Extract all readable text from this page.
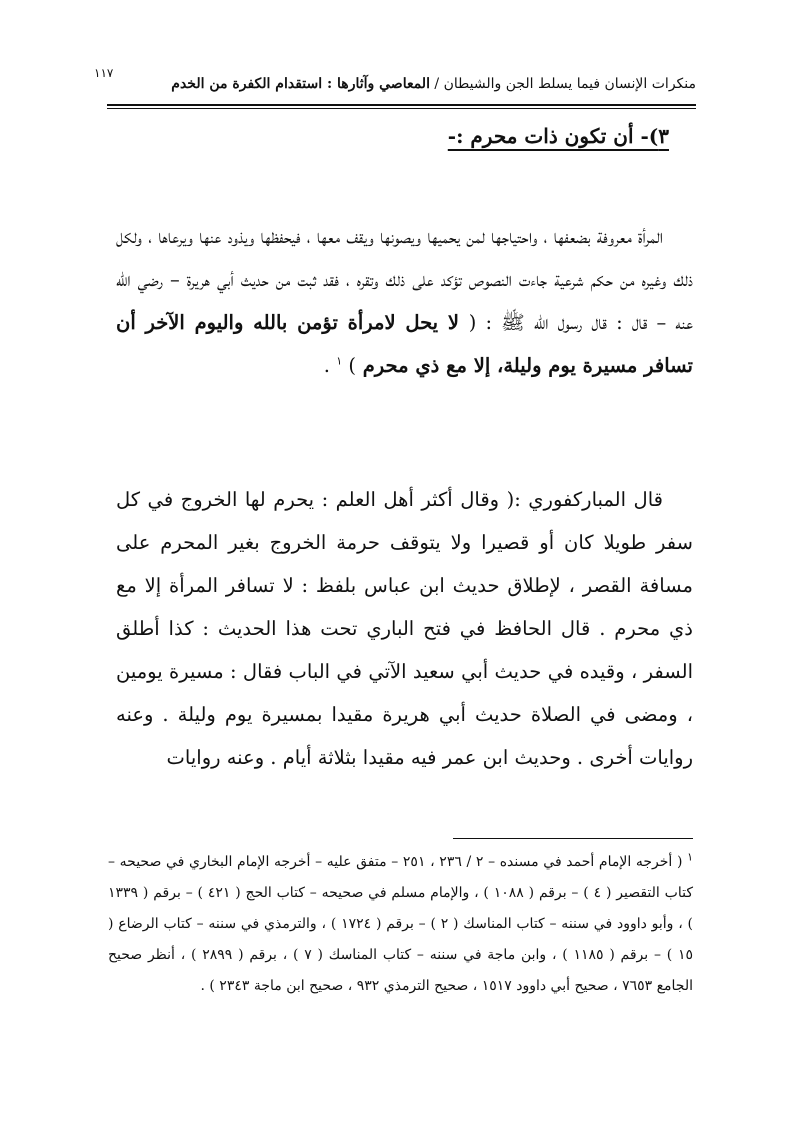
١١٧
منكرات الإنسان فيما يسلط الجن والشيطان / المعاصي وآثارها : استقدام الكفرة من الخدم
٣)- أن تكون ذات محرم :-
المرأة معروفة بضعفها ، واحتياجها لمن يحميها ويصونها ويقف معها ، فيحفظها ويذود عنها ويرعاها ، ولكل ذلك وغيره من حكم شرعية جاءت النصوص تؤكد على ذلك وتقره ، فقد ثبت من حديث أبي هريرة – رضي الله عنه – قال : قال رسول الله ﷺ : ( لا يحل لامرأة تؤمن بالله واليوم الآخر أن تسافر مسيرة يوم وليلة، إلا مع ذي محرم ) $^١$ .
قال المباركفوري :( وقال أكثر أهل العلم : يحرم لها الخروج في كل سفر طويلا كان أو قصيرا ولا يتوقف حرمة الخروج بغير المحرم على مسافة القصر ، لإطلاق حديث ابن عباس بلفظ : لا تسافر المرأة إلا مع ذي محرم . قال الحافظ في فتح الباري تحت هذا الحديث : كذا أطلق السفر ، وقيده في حديث أبي سعيد الآتي في الباب فقال : مسيرة يومين ، ومضى في الصلاة حديث أبي هريرة مقيدا بمسيرة يوم وليلة . وعنه روايات أخرى . وحديث ابن عمر فيه مقيدا بثلاثة أيام . وعنه روايات
$^١$ ( أخرجه الإمام أحمد في مسنده – ٢ / ٢٣٦ ، ٢٥١ – متفق عليه – أخرجه الإمام البخاري في صحيحه – كتاب التقصير ( ٤ ) – برقم ( ١٠٨٨ ) ، والإمام مسلم في صحيحه – كتاب الحج ( ٤٢١ ) – برقم ( ١٣٣٩ ) ، وأبو داوود في سننه – كتاب المناسك ( ٢ ) – برقم ( ١٧٢٤ ) ، والترمذي في سننه – كتاب الرضاع ( ١٥ ) – برقم ( ١١٨٥ ) ، وابن ماجة في سننه – كتاب المناسك ( ٧ ) ، برقم ( ٢٨٩٩ ) ، أنظر صحيح الجامع ٧٦٥٣ ، صحيح أبي داوود ١٥١٧ ، صحيح الترمذي ٩٣٢ ، صحيح ابن ماجة ٢٣٤٣ ) .
